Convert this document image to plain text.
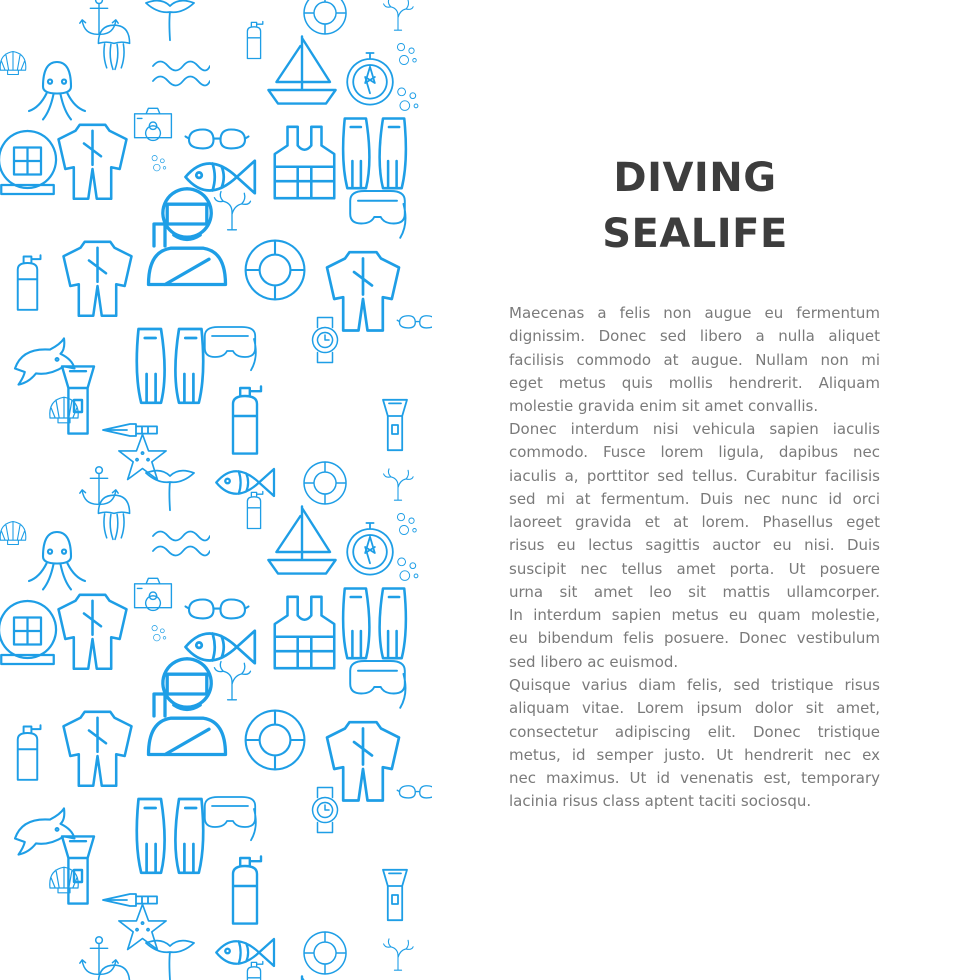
DIVING
SEALIFE
Maecenas a felis non augue eu fermentum
dignissim. Donec sed libero a nulla aliquet
facilisis commodo at augue. Nullam non mi
eget metus quis mollis hendrerit. Aliquam
molestie gravida enim sit amet convallis.
Donec interdum nisi vehicula sapien iaculis
commodo. Fusce lorem ligula, dapibus nec
iaculis a, porttitor sed tellus. Curabitur facilisis
sed mi at fermentum. Duis nec nunc id orci
laoreet gravida et at lorem. Phasellus eget
risus eu lectus sagittis auctor eu nisi. Duis
suscipit nec tellus amet porta. Ut posuere
urna sit amet leo sit mattis ullamcorper.
In interdum sapien metus eu quam molestie,
eu bibendum felis posuere. Donec vestibulum
sed libero ac euismod.
Quisque varius diam felis, sed tristique risus
aliquam vitae. Lorem ipsum dolor sit amet,
consectetur adipiscing elit. Donec tristique
metus, id semper justo. Ut hendrerit nec ex
nec maximus. Ut id venenatis est, temporary
lacinia risus class aptent taciti sociosqu.
